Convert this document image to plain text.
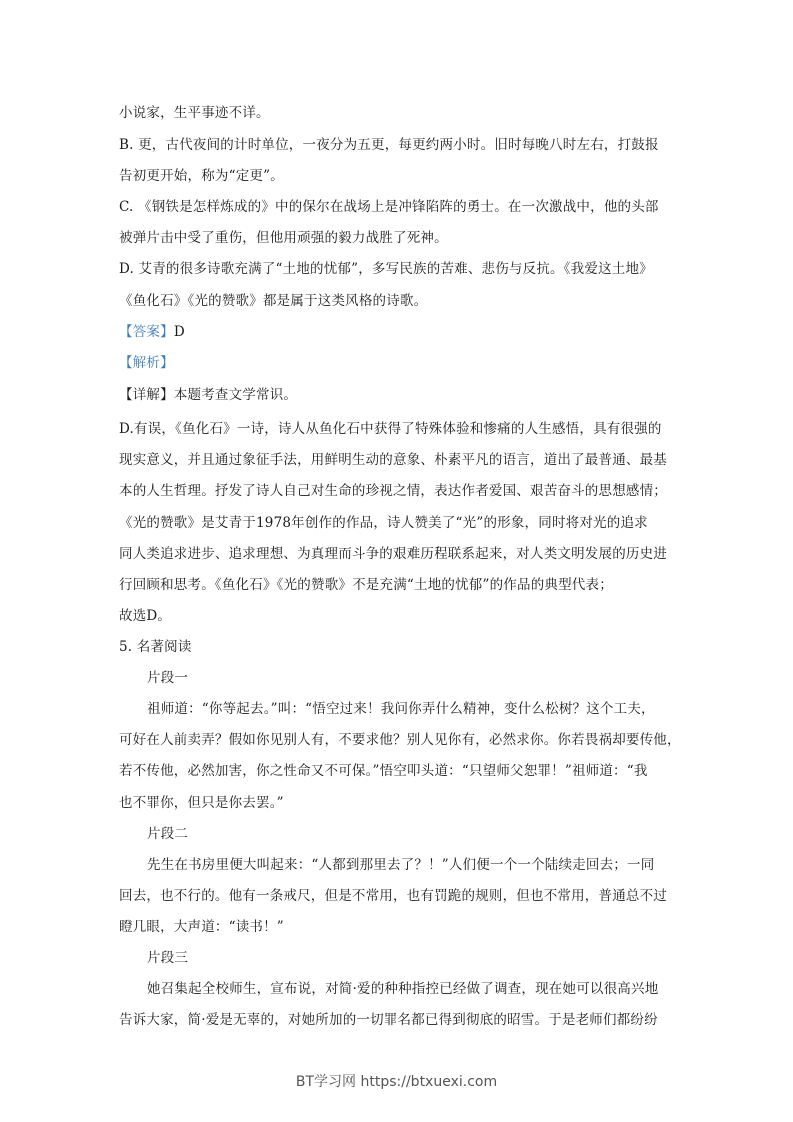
小说家，生平事迹不详。
B. 更，古代夜间的计时单位，一夜分为五更，每更约两小时。旧时每晚八时左右，打鼓报
告初更开始，称为“定更”。
C. 《钢铁是怎样炼成的》中的保尔在战场上是冲锋陷阵的勇士。在一次激战中，他的头部
被弹片击中受了重伤，但他用顽强的毅力战胜了死神。
D. 艾青的很多诗歌充满了“土地的忧郁”，多写民族的苦难、悲伤与反抗。《我爱这土地》
《鱼化石》《光的赞歌》都是属于这类风格的诗歌。
【答案】D
【解析】
【详解】本题考查文学常识。
D.有误，《鱼化石》一诗，诗人从鱼化石中获得了特殊体验和惨痛的人生感悟，具有很强的
现实意义，并且通过象征手法，用鲜明生动的意象、朴素平凡的语言，道出了最普通、最基
本的人生哲理。抒发了诗人自己对生命的珍视之情，表达作者爱国、艰苦奋斗的思想感情；
《光的赞歌》是艾青于1978年创作的作品，诗人赞美了“光”的形象，同时将对光的追求
同人类追求进步、追求理想、为真理而斗争的艰难历程联系起来，对人类文明发展的历史进
行回顾和思考。《鱼化石》《光的赞歌》不是充满“土地的忧郁”的作品的典型代表；
故选D。
5. 名著阅读
片段一
祖师道：“你等起去。”叫：“悟空过来！我问你弄什么精神，变什么松树？这个工夫，
可好在人前卖弄？假如你见别人有，不要求他？别人见你有，必然求你。你若畏祸却要传他，
若不传他，必然加害，你之性命又不可保。”悟空叩头道：“只望师父恕罪！”祖师道：“我
也不罪你，但只是你去罢。”
片段二
先生在书房里便大叫起来：“人都到那里去了？！”人们便一个一个陆续走回去；一同
回去，也不行的。他有一条戒尺，但是不常用，也有罚跪的规则，但也不常用，普通总不过
瞪几眼，大声道：“读书！”
片段三
她召集起全校师生，宣布说，对简·爱的种种指控已经做了调查，现在她可以很高兴地
告诉大家，简·爱是无辜的，对她所加的一切罪名都已得到彻底的昭雪。于是老师们都纷纷
BT学习网 https://btxuexi.com
